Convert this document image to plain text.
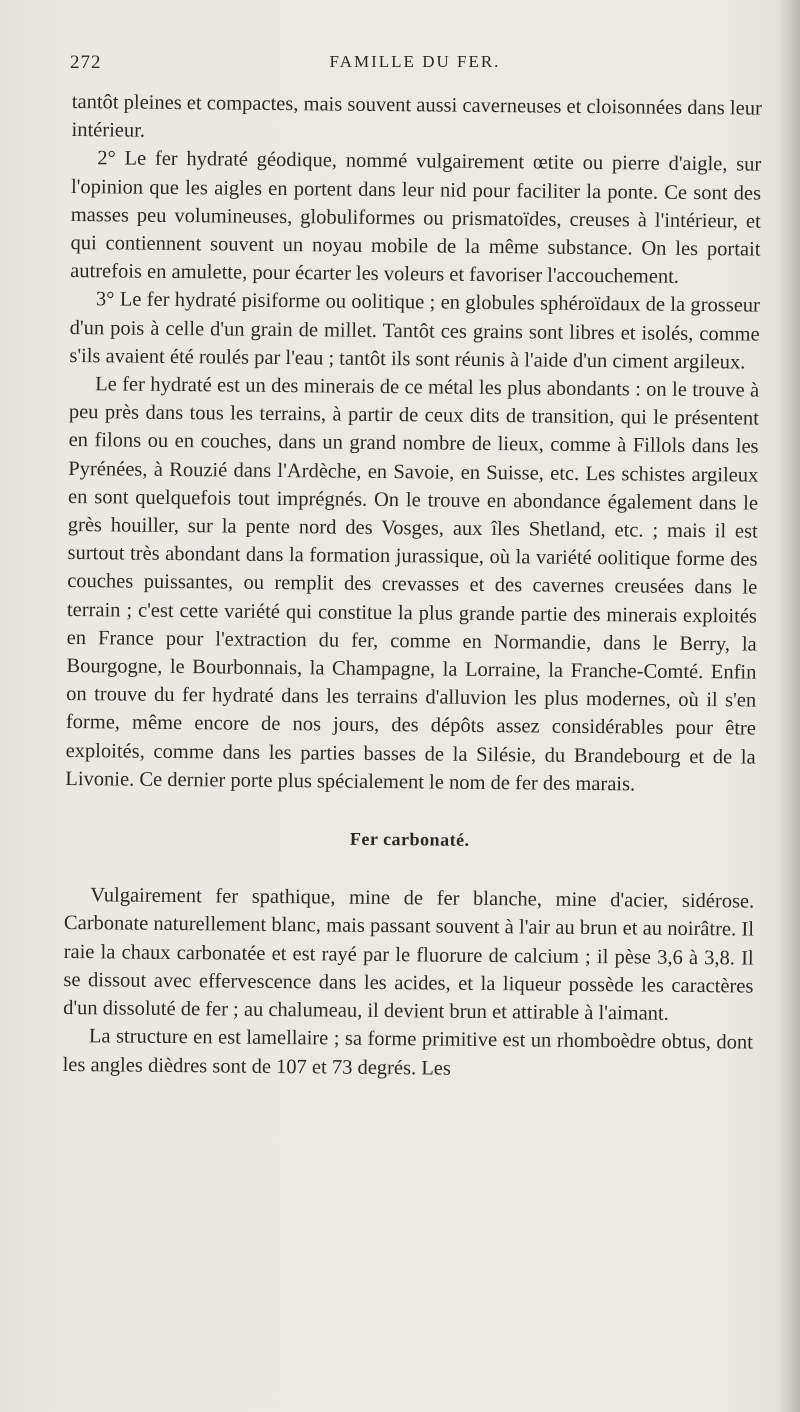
272	FAMILLE DU FER.

tantôt pleines et compactes, mais souvent aussi caverneuses et cloisonnées dans leur intérieur.

2° Le fer hydraté géodique, nommé vulgairement œtite ou pierre d'aigle, sur l'opinion que les aigles en portent dans leur nid pour faciliter la ponte. Ce sont des masses peu volumineuses, globuliformes ou prismatoïdes, creuses à l'intérieur, et qui contiennent souvent un noyau mobile de la même substance. On les portait autrefois en amulette, pour écarter les voleurs et favoriser l'accouchement.

3° Le fer hydraté pisiforme ou oolitique ; en globules sphéroïdaux de la grosseur d'un pois à celle d'un grain de millet. Tantôt ces grains sont libres et isolés, comme s'ils avaient été roulés par l'eau ; tantôt ils sont réunis à l'aide d'un ciment argileux.

Le fer hydraté est un des minerais de ce métal les plus abondants : on le trouve à peu près dans tous les terrains, à partir de ceux dits de transition, qui le présentent en filons ou en couches, dans un grand nombre de lieux, comme à Fillols dans les Pyrénées, à Rouzié dans l'Ardèche, en Savoie, en Suisse, etc. Les schistes argileux en sont quelquefois tout imprégnés. On le trouve en abondance également dans le grès houiller, sur la pente nord des Vosges, aux îles Shetland, etc. ; mais il est surtout très abondant dans la formation jurassique, où la variété oolitique forme des couches puissantes, ou remplit des crevasses et des cavernes creusées dans le terrain ; c'est cette variété qui constitue la plus grande partie des minerais exploités en France pour l'extraction du fer, comme en Normandie, dans le Berry, la Bourgogne, le Bourbonnais, la Champagne, la Lorraine, la Franche-Comté. Enfin on trouve du fer hydraté dans les terrains d'alluvion les plus modernes, où il s'en forme, même encore de nos jours, des dépôts assez considérables pour être exploités, comme dans les parties basses de la Silésie, du Brandebourg et de la Livonie. Ce dernier porte plus spécialement le nom de fer des marais.

Fer carbonaté.

Vulgairement fer spathique, mine de fer blanche, mine d'acier, sidérose. Carbonate naturellement blanc, mais passant souvent à l'air au brun et au noirâtre. Il raie la chaux carbonatée et est rayé par le fluorure de calcium ; il pèse 3,6 à 3,8. Il se dissout avec effervescence dans les acides, et la liqueur possède les caractères d'un dissoluté de fer ; au chalumeau, il devient brun et attirable à l'aimant.

La structure en est lamellaire ; sa forme primitive est un rhomboèdre obtus, dont les angles dièdres sont de 107 et 73 degrés. Les
